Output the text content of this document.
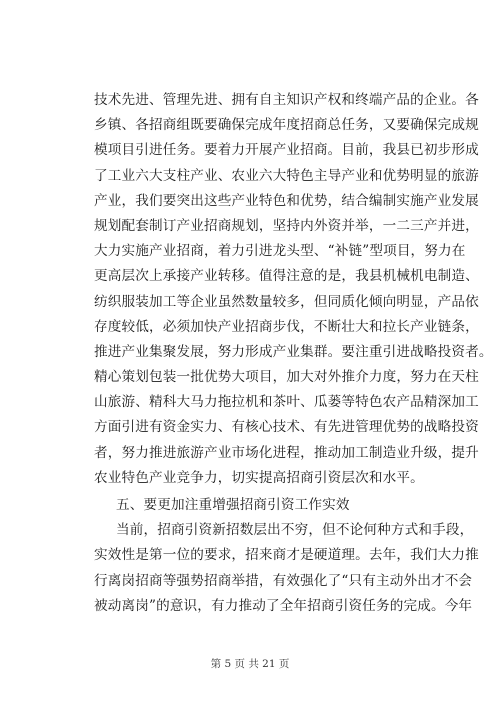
技术先进、管理先进、拥有自主知识产权和终端产品的企业。各
乡镇、各招商组既要确保完成年度招商总任务，又要确保完成规
模项目引进任务。要着力开展产业招商。目前，我县已初步形成
了工业六大支柱产业、农业六大特色主导产业和优势明显的旅游
产业，我们要突出这些产业特色和优势，结合编制实施产业发展
规划配套制订产业招商规划，坚持内外资并举，一二三产并进，
大力实施产业招商，着力引进龙头型、“补链”型项目，努力在
更高层次上承接产业转移。值得注意的是，我县机械机电制造、
纺织服装加工等企业虽然数量较多，但同质化倾向明显，产品依
存度较低，必须加快产业招商步伐，不断壮大和拉长产业链条，
推进产业集聚发展，努力形成产业集群。要注重引进战略投资者。
精心策划包装一批优势大项目，加大对外推介力度，努力在天柱
山旅游、精科大马力拖拉机和茶叶、瓜蒌等特色农产品精深加工
方面引进有资金实力、有核心技术、有先进管理优势的战略投资
者，努力推进旅游产业市场化进程，推动加工制造业升级，提升
农业特色产业竞争力，切实提高招商引资层次和水平。
五、要更加注重增强招商引资工作实效
当前，招商引资新招数层出不穷，但不论何种方式和手段，
实效性是第一位的要求，招来商才是硬道理。去年，我们大力推
行离岗招商等强势招商举措，有效强化了“只有主动外出才不会
被动离岗”的意识，有力推动了全年招商引资任务的完成。今年
第 5 页 共 21 页
